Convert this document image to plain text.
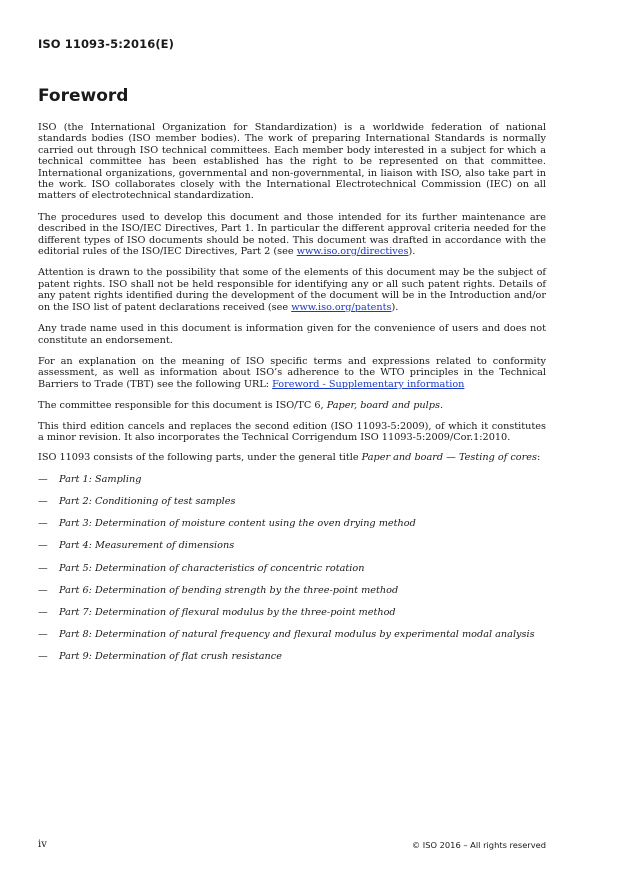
ISO 11093-5:2016(E)
Foreword

ISO (the International Organization for Standardization) is a worldwide federation of national standards bodies (ISO member bodies). The work of preparing International Standards is normally carried out through ISO technical committees. Each member body interested in a subject for which a technical committee has been established has the right to be represented on that committee. International organizations, governmental and non-governmental, in liaison with ISO, also take part in the work. ISO collaborates closely with the International Electrotechnical Commission (IEC) on all matters of electrotechnical standardization.

The procedures used to develop this document and those intended for its further maintenance are described in the ISO/IEC Directives, Part 1. In particular the different approval criteria needed for the different types of ISO documents should be noted. This document was drafted in accordance with the editorial rules of the ISO/IEC Directives, Part 2 (see www.iso.org/directives).

Attention is drawn to the possibility that some of the elements of this document may be the subject of patent rights. ISO shall not be held responsible for identifying any or all such patent rights. Details of any patent rights identified during the development of the document will be in the Introduction and/or on the ISO list of patent declarations received (see www.iso.org/patents).

Any trade name used in this document is information given for the convenience of users and does not constitute an endorsement.

For an explanation on the meaning of ISO specific terms and expressions related to conformity assessment, as well as information about ISO’s adherence to the WTO principles in the Technical Barriers to Trade (TBT) see the following URL: Foreword - Supplementary information

The committee responsible for this document is ISO/TC 6, Paper, board and pulps.

This third edition cancels and replaces the second edition (ISO 11093-5:2009), of which it constitutes a minor revision. It also incorporates the Technical Corrigendum ISO 11093-5:2009/Cor.1:2010.

ISO 11093 consists of the following parts, under the general title Paper and board — Testing of cores:

— Part 1: Sampling
— Part 2: Conditioning of test samples
— Part 3: Determination of moisture content using the oven drying method
— Part 4: Measurement of dimensions
— Part 5: Determination of characteristics of concentric rotation
— Part 6: Determination of bending strength by the three-point method
— Part 7: Determination of flexural modulus by the three-point method
— Part 8: Determination of natural frequency and flexural modulus by experimental modal analysis
— Part 9: Determination of flat crush resistance
iv	© ISO 2016 – All rights reserved
